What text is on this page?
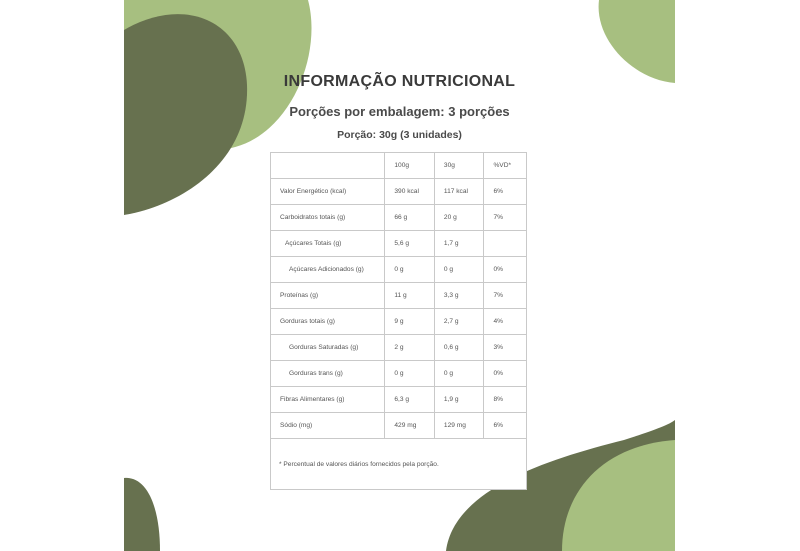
INFORMAÇÃO NUTRICIONAL
Porções por embalagem: 3 porções
Porção: 30g (3 unidades)
	100g	30g	%VD*
Valor Energético (kcal)	390 kcal	117 kcal	6%
Carboidratos totais (g)	66 g	20 g	7%
Açúcares Totais (g)	5,6 g	1,7 g	
Açúcares Adicionados (g)	0 g	0 g	0%
Proteínas (g)	11 g	3,3 g	7%
Gorduras totais (g)	9 g	2,7 g	4%
Gorduras Saturadas (g)	2 g	0,6 g	3%
Gorduras trans (g)	0 g	0 g	0%
Fibras Alimentares (g)	6,3 g	1,9 g	8%
Sódio (mg)	429 mg	129 mg	6%
* Percentual de valores diários fornecidos pela porção.			
